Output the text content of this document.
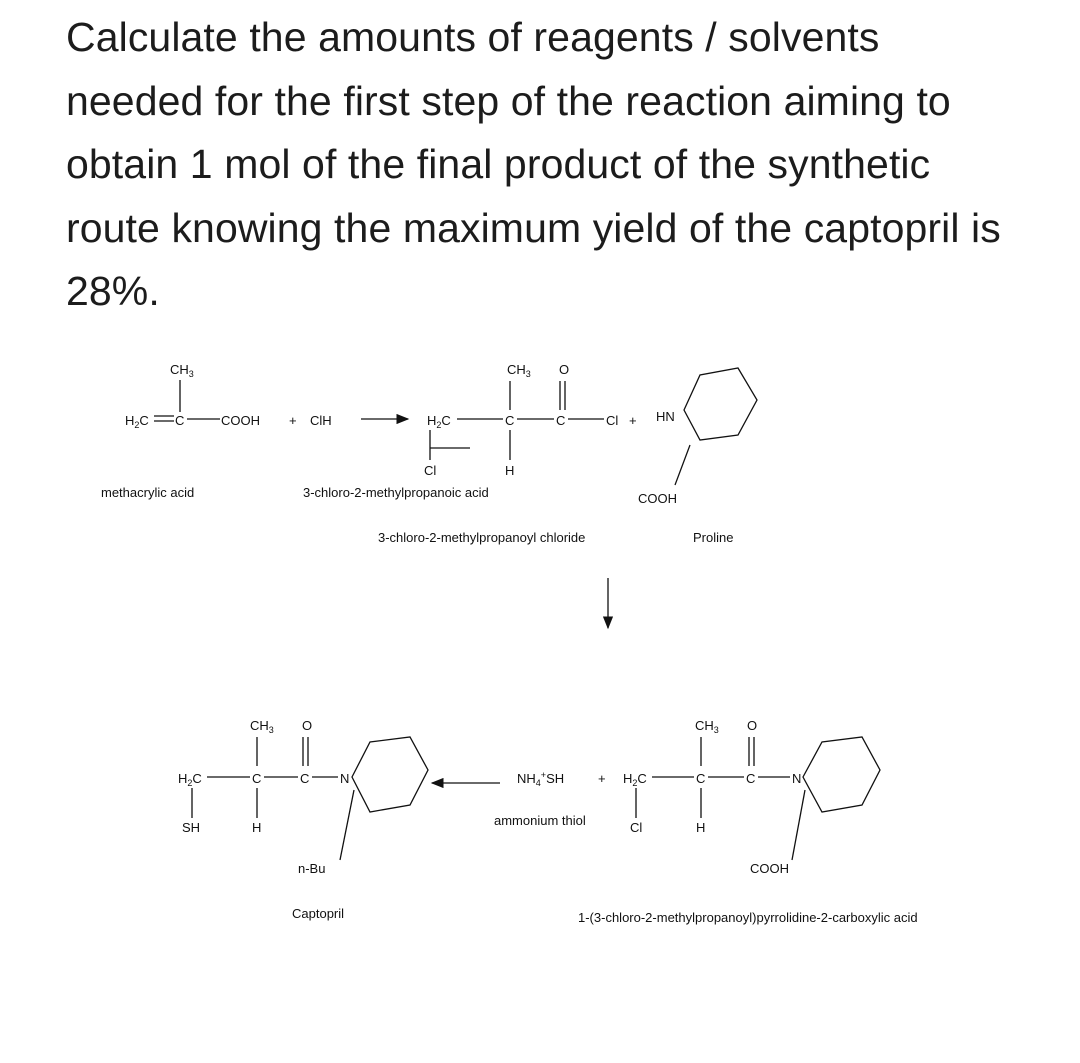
Calculate the amounts of reagents / solvents needed for the first step of the reaction aiming to obtain 1 mol of the final product of the synthetic route knowing the maximum yield of the captopril is 28%.
$CH_3$
$H_2C$ C	COOH + ClH
methacrylic acid
$CH_3$ O
$H_2C$	C	C	Cl +
Cl	H
3-chloro-2-methylpropanoic acid
3-chloro-2-methylpropanoyl chloride
HN
COOH
Proline
$CH_3$ O
$H_2C$	C	C	N
Cl	H
COOH
1-(3-chloro-2-methylpropanoyl)pyrrolidine-2-carboxylic acid
+
$NH_4^+SH$
ammonium thiol
$CH_3$ O
$H_2C$	C	C N
SH	H
n-Bu
Captopril
